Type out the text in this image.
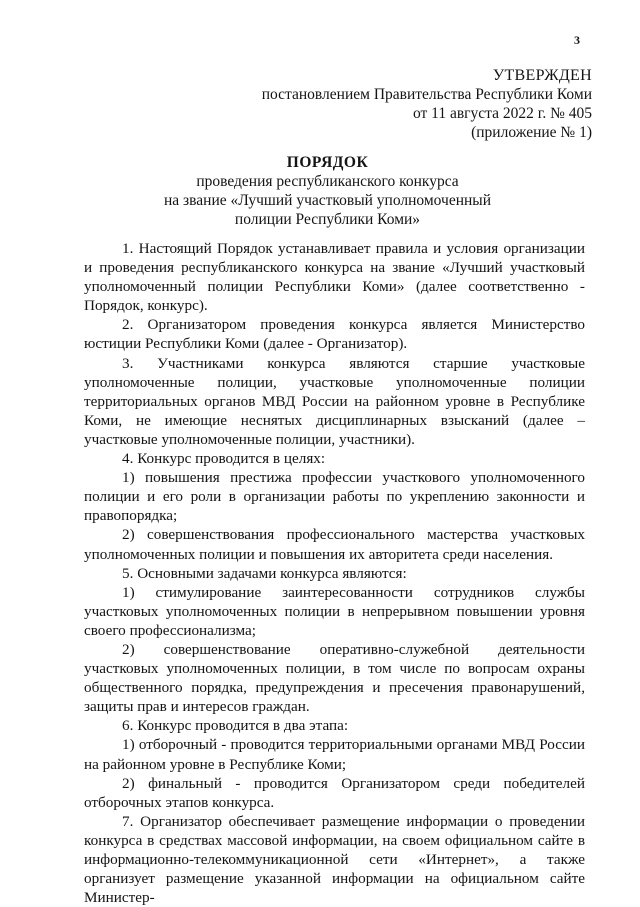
3
УТВЕРЖДЕН
постановлением Правительства Республики Коми
от 11 августа 2022 г. № 405
(приложение № 1)
ПОРЯДОК
проведения республиканского конкурса
на звание «Лучший участковый уполномоченный
полиции Республики Коми»

1. Настоящий Порядок устанавливает правила и условия организации и проведения республиканского конкурса на звание «Лучший участковый уполномоченный полиции Республики Коми» (далее соответственно - Порядок, конкурс).

2. Организатором проведения конкурса является Министерство юстиции Республики Коми (далее - Организатор).

3. Участниками конкурса являются старшие участковые уполномоченные полиции, участковые уполномоченные полиции территориальных органов МВД России на районном уровне в Республике Коми, не имеющие неснятых дисциплинарных взысканий (далее – участковые уполномоченные полиции, участники).

4. Конкурс проводится в целях:

1) повышения престижа профессии участкового уполномоченного полиции и его роли в организации работы по укреплению законности и правопорядка;

2) совершенствования профессионального мастерства участковых уполномоченных полиции и повышения их авторитета среди населения.

5. Основными задачами конкурса являются:

1) стимулирование заинтересованности сотрудников службы участковых уполномоченных полиции в непрерывном повышении уровня своего профессионализма;

2) совершенствование оперативно-служебной деятельности участковых уполномоченных полиции, в том числе по вопросам охраны общественного порядка, предупреждения и пресечения правонарушений, защиты прав и интересов граждан.

6. Конкурс проводится в два этапа:

1) отборочный - проводится территориальными органами МВД России на районном уровне в Республике Коми;

2) финальный - проводится Организатором среди победителей отборочных этапов конкурса.

7. Организатор обеспечивает размещение информации о проведении конкурса в средствах массовой информации, на своем официальном сайте в информационно-телекоммуникационной сети «Интернет», а также организует размещение указанной информации на официальном сайте Министер-
